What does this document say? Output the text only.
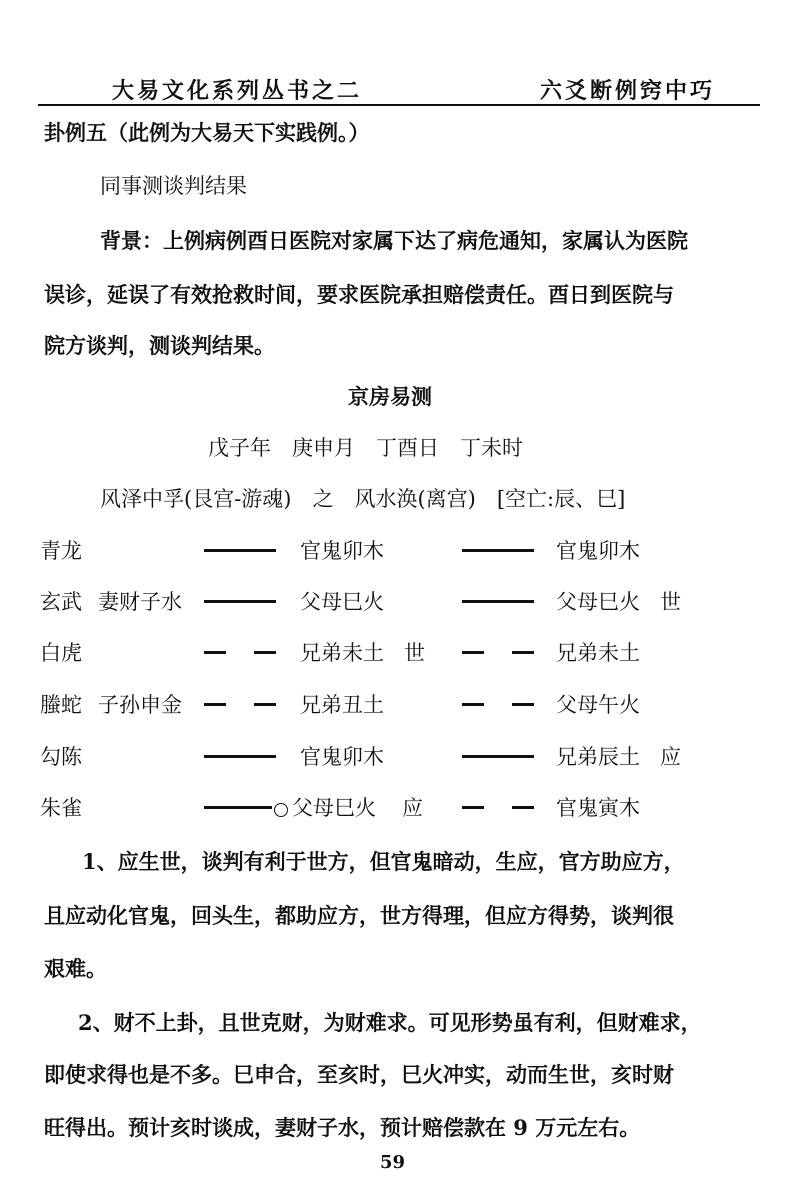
大易文化系列丛书之二	六爻断例窍中巧
卦例五（此例为大易天下实践例。）
同事测谈判结果
背景：上例病例酉日医院对家属下达了病危通知，家属认为医院
误诊，延误了有效抢救时间，要求医院承担赔偿责任。酉日到医院与
院方谈判，测谈判结果。
京房易测
戊子年　庚申月　丁酉日　丁未时
风泽中孚(艮宫-游魂)　之　风水涣(离宫)　[空亡:辰、巳]
青龙	官鬼卯木	官鬼卯木
玄武 妻财子水	父母巳火	父母巳火 世
白虎	兄弟未土 世	兄弟未土
螣蛇 子孙申金	兄弟丑土	父母午火
勾陈	官鬼卯木	兄弟辰土 应
朱雀	父母巳火 应	官鬼寅木
1、应生世，谈判有利于世方，但官鬼暗动，生应，官方助应方，
且应动化官鬼，回头生，都助应方，世方得理，但应方得势，谈判很
艰难。
2、财不上卦，且世克财，为财难求。可见形势虽有利，但财难求，
即使求得也是不多。巳申合，至亥时，巳火冲实，动而生世，亥时财
旺得出。预计亥时谈成，妻财子水，预计赔偿款在 9 万元左右。
59
